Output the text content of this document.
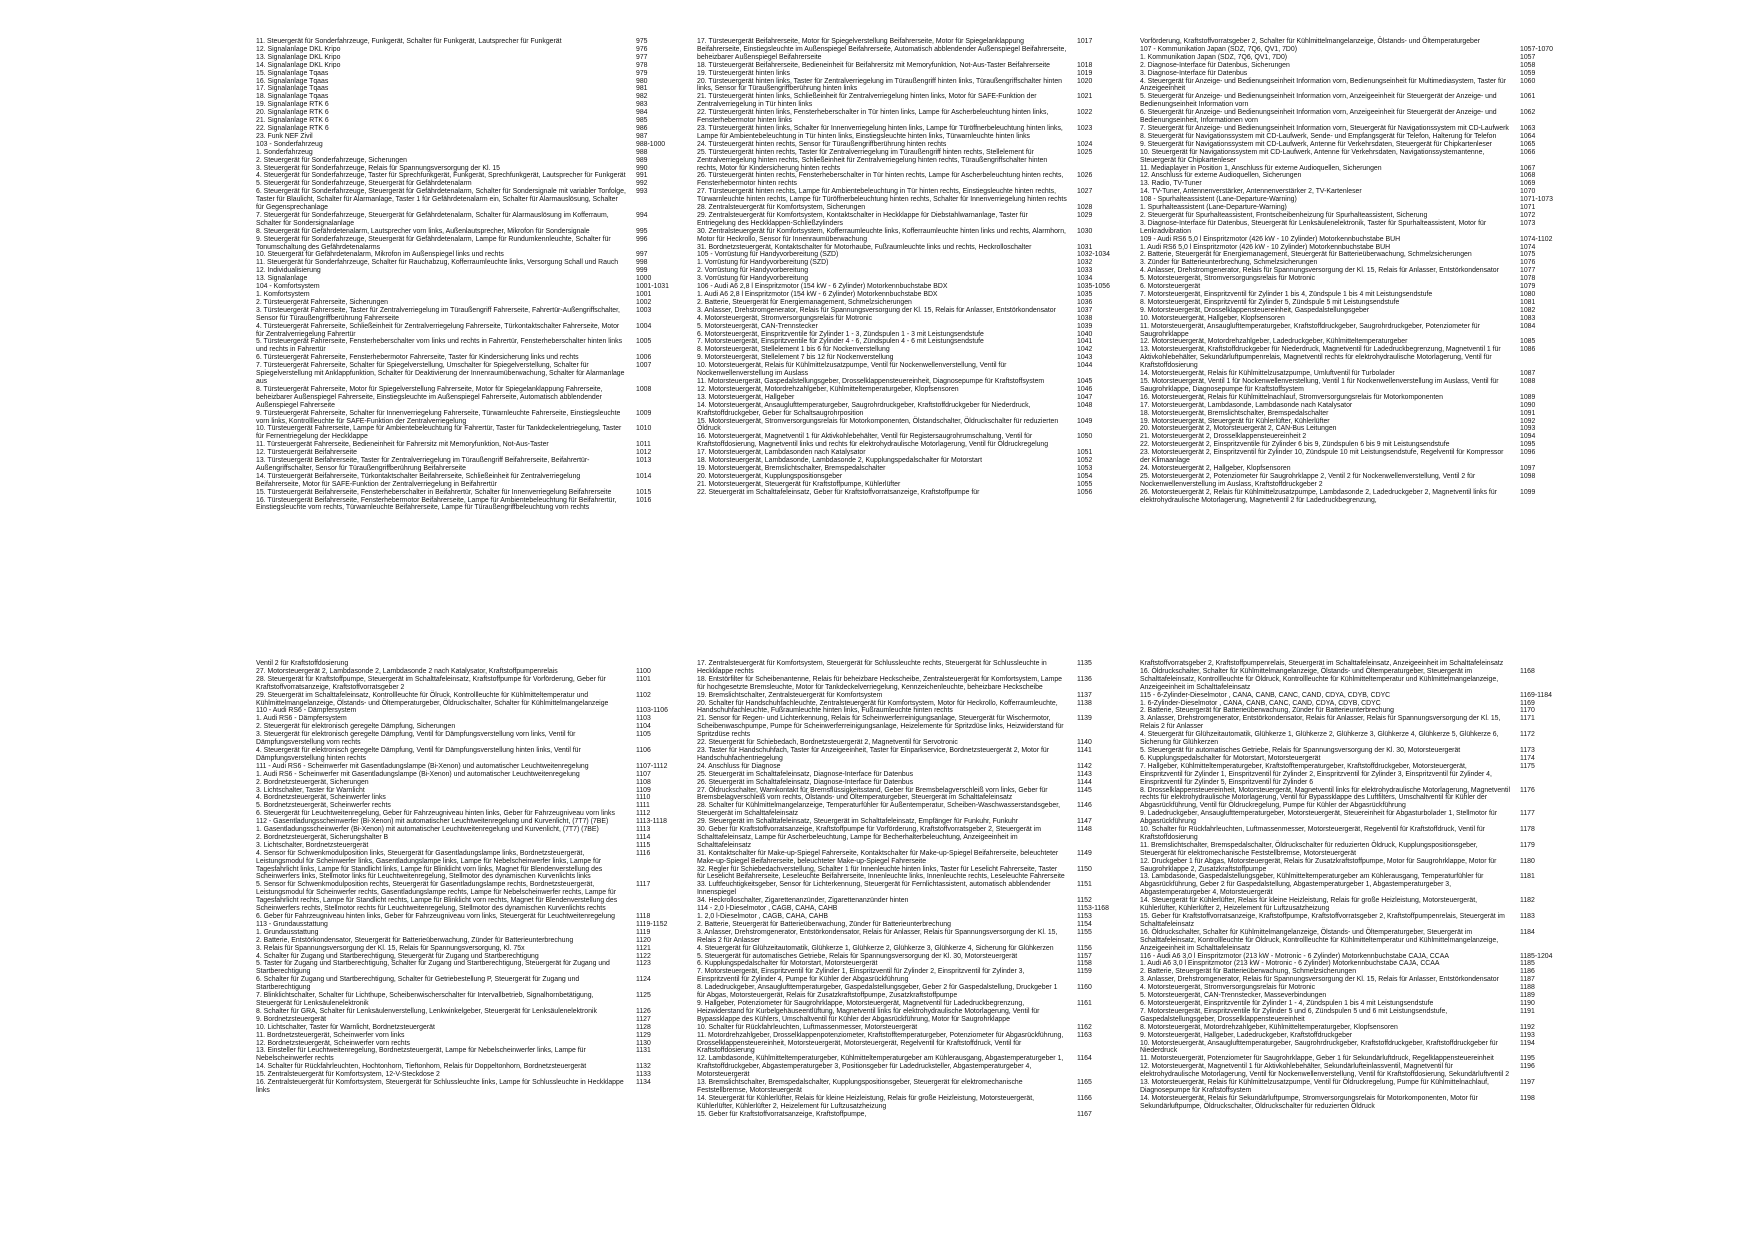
11. Steuergerät für Sonderfahrzeuge, Funkgerät, Schalter für Funkgerät, Lautsprecher für Funkgerät	975
12. Signalanlage DKL Kripo	976
13. Signalanlage DKL Kripo	977
14. Signalanlage DKL Kripo	978
15. Signalanlage Tqaas	979
16. Signalanlage Tqaas	980
17. Signalanlage Tqaas	981
18. Signalanlage Tqaas	982
19. Signalanlage RTK 6	983
20. Signalanlage RTK 6	984
21. Signalanlage RTK 6	985
22. Signalanlage RTK 6	986
23. Funk NEF Zivil	987
103 - Sonderfahrzeug	988-1000
1. Sonderfahrzeug	988
2. Steuergerät für Sonderfahrzeuge, Sicherungen	989
3. Steuergerät für Sonderfahrzeuge, Relais für Spannungsversorgung der Kl. 15	990
4. Steuergerät für Sonderfahrzeuge, Taster für Sprechfunkgerät, Funkgerät, Sprechfunkgerät, Lautsprecher für Funkgerät	991
5. Steuergerät für Sonderfahrzeuge, Steuergerät für Gefährdetenalarm	992
6. Steuergerät für Sonderfahrzeuge, Steuergerät für Gefährdetenalarm, Schalter für Sondersignale mit variabler Tonfolge, Taster für Blaulicht, Schalter für Alarmanlage, Taster 1 für Gefährdetenalarm ein, Schalter für Alarmauslösung, Schalter für Gegensprechanlage
993
7. Steuergerät für Sonderfahrzeuge, Steuergerät für Gefährdetenalarm, Schalter für Alarmauslösung im Kofferraum, Schalter für Sondersignalanlage
994
8. Steuergerät für Gefährdetenalarm, Lautsprecher vorn links, Außenlautsprecher, Mikrofon für Sondersignale	995
9. Steuergerät für Sonderfahrzeuge, Steuergerät für Gefährdetenalarm, Lampe für Rundumkennleuchte, Schalter für Tonumschaltung des Gefährdetenalarms
996
10. Steuergerät für Gefährdetenalarm, Mikrofon im Außenspiegel links und rechts	997
11. Steuergerät für Sonderfahrzeuge, Schalter für Rauchabzug, Kofferraumleuchte links, Versorgung Schall und Rauch	998
12. Individualisierung	999
13. Signalanlage	1000
104 - Komfortsystem	1001-1031
1. Komfortsystem	1001
2. Türsteuergerät Fahrerseite, Sicherungen	1002
3. Türsteuergerät Fahrerseite, Taster für Zentralverriegelung im Türaußengriff Fahrerseite, Fahrertür-Außengriffschalter, Sensor für Türaußengriffberührung Fahrerseite
1003
4. Türsteuergerät Fahrerseite, Schließeinheit für Zentralverriegelung Fahrerseite, Türkontaktschalter Fahrerseite, Motor für Zentralverriegelung Fahrertür
1004
5. Türsteuergerät Fahrerseite, Fensterheberschalter vorn links und rechts in Fahrertür, Fensterheberschalter hinten links und rechts in Fahrertür
1005
6. Türsteuergerät Fahrerseite, Fensterhebermotor Fahrerseite, Taster für Kindersicherung links und rechts	1006
7. Türsteuergerät Fahrerseite, Schalter für Spiegelverstellung, Umschalter für Spiegelverstellung, Schalter für Spiegelverstellung mit Anklappfunktion, Schalter für Deaktivierung der Innenraumüberwachung, Schalter für Alarmanlage aus
1007
8. Türsteuergerät Fahrerseite, Motor für Spiegelverstellung Fahrerseite, Motor für Spiegelanklappung Fahrerseite, beheizbarer Außenspiegel Fahrerseite, Einstiegsleuchte im Außenspiegel Fahrerseite, Automatisch abblendender Außenspiegel Fahrerseite
1008
9. Türsteuergerät Fahrerseite, Schalter für Innenverriegelung Fahrerseite, Türwarnleuchte Fahrerseite, Einstiegsleuchte vorn links, Kontrollleuchte für SAFE-Funktion der Zentralverriegelung
1009
10. Türsteuergerät Fahrerseite, Lampe für Ambientebeleuchtung für Fahrertür, Taster für Tankdeckelentriegelung, Taster für Fernentriegelung der Heckklappe
1010
11. Türsteuergerät Fahrerseite, Bedieneinheit für Fahrersitz mit Memoryfunktion, Not-Aus-Taster	1011
12. Türsteuergerät Beifahrerseite	1012
13. Türsteuergerät Beifahrerseite, Taster für Zentralverriegelung im Türaußengriff Beifahrerseite, Beifahrertür-Außengriffschalter, Sensor für Türaußengriffberührung Beifahrerseite
1013
14. Türsteuergerät Beifahrerseite, Türkontaktschalter Beifahrerseite, Schließeinheit für Zentralverriegelung Beifahrerseite, Motor für SAFE-Funktion der Zentralverriegelung in Beifahrertür
1014
15. Türsteuergerät Beifahrerseite, Fensterheberschalter in Beifahrertür, Schalter für Innenverriegelung Beifahrerseite	1015
16. Türsteuergerät Beifahrerseite, Fensterhebermotor Beifahrerseite, Lampe für Ambientebeleuchtung für Beifahrertür, Einstiegsleuchte vorn rechts, Türwarnleuchte Beifahrerseite, Lampe für Türaußengriffbeleuchtung vorn rechts
1016
17. Türsteuergerät Beifahrerseite, Motor für Spiegelverstellung Beifahrerseite, Motor für Spiegelanklappung Beifahrerseite, Einstiegsleuchte im Außenspiegel Beifahrerseite, Automatisch abblendender Außenspiegel Beifahrerseite, beheizbarer Außenspiegel Beifahrerseite
1017
18. Türsteuergerät Beifahrerseite, Bedieneinheit für Beifahrersitz mit Memoryfunktion, Not-Aus-Taster Beifahrerseite	1018
19. Türsteuergerät hinten links	1019
20. Türsteuergerät hinten links, Taster für Zentralverriegelung im Türaußengriff hinten links, Türaußengriffschalter hinten links, Sensor für Türaußengriffberührung hinten links
1020
21. Türsteuergerät hinten links, Schließeinheit für Zentralverriegelung hinten links, Motor für SAFE-Funktion der Zentralverriegelung in Tür hinten links
1021
22. Türsteuergerät hinten links, Fensterheberschalter in Tür hinten links, Lampe für Ascherbeleuchtung hinten links, Fensterhebermotor hinten links
1022
23. Türsteuergerät hinten links, Schalter für Innenverriegelung hinten links, Lampe für Türöffnerbeleuchtung hinten links, Lampe für Ambientebeleuchtung in Tür hinten links, Einstiegsleuchte hinten links, Türwarnleuchte hinten links
1023
24. Türsteuergerät hinten rechts, Sensor für Türaußengriffberührung hinten rechts	1024
25. Türsteuergerät hinten rechts, Taster für Zentralverriegelung im Türaußengriff hinten rechts, Stellelement für Zentralverriegelung hinten rechts, Schließeinheit für Zentralverriegelung hinten rechts, Türaußengriffschalter hinten rechts, Motor für Kindersicherung hinten rechts
1025
26. Türsteuergerät hinten rechts, Fensterheberschalter in Tür hinten rechts, Lampe für Ascherbeleuchtung hinten rechts, Fensterhebermotor hinten rechts
1026
27. Türsteuergerät hinten rechts, Lampe für Ambientebeleuchtung in Tür hinten rechts, Einstiegsleuchte hinten rechts, Türwarnleuchte hinten rechts, Lampe für Türöffnerbeleuchtung hinten rechts, Schalter für Innenverriegelung hinten rechts
1027
28. Zentralsteuergerät für Komfortsystem, Sicherungen	1028
29. Zentralsteuergerät für Komfortsystem, Kontaktschalter in Heckklappe für Diebstahlwarnanlage, Taster für Entriegelung des Heckklappen-Schließzylinders
1029
30. Zentralsteuergerät für Komfortsystem, Kofferraumleuchte links, Kofferraumleuchte hinten links und rechts, Alarmhorn, Motor für Heckrollo, Sensor für Innenraumüberwachung
1030
31. Bordnetzsteuergerät, Kontaktschalter für Motorhaube, Fußraumleuchte links und rechts, Heckrolloschalter	1031
105 - Vorrüstung für Handyvorbereitung (SZD)	1032-1034
1. Vorrüstung für Handyvorbereitung (SZD)	1032
2. Vorrüstung für Handyvorbereitung	1033
3. Vorrüstung für Handyvorbereitung	1034
106 - Audi A6 2,8 l Einspritzmotor (154 kW - 6 Zylinder) Motorkennbuchstabe BDX	1035-1056
1. Audi A6 2,8 l Einspritzmotor (154 kW - 6 Zylinder) Motorkennbuchstabe BDX	1035
2. Batterie, Steuergerät für Energiemanagement, Schmelzsicherungen	1036
3. Anlasser, Drehstromgenerator, Relais für Spannungsversorgung der Kl. 15, Relais für Anlasser, Entstörkondensator	1037
4. Motorsteuergerät, Stromversorgungsrelais für Motronic	1038
5. Motorsteuergerät, CAN-Trennstecker	1039
6. Motorsteuergerät, Einspritzventile für Zylinder 1 - 3, Zündspulen 1 - 3 mit Leistungsendstufe	1040
7. Motorsteuergerät, Einspritzventile für Zylinder 4 - 6, Zündspulen 4 - 6 mit Leistungsendstufe	1041
8. Motorsteuergerät, Stellelement 1 bis 6 für Nockenverstellung	1042
9. Motorsteuergerät, Stellelement 7 bis 12 für Nockenverstellung	1043
10. Motorsteuergerät, Relais für Kühlmittelzusatzpumpe, Ventil für Nockenwellenverstellung, Ventil für Nockenwellenverstellung im Auslass
1044
11. Motorsteuergerät, Gaspedalstellungsgeber, Drosselklappensteuereinheit, Diagnosepumpe für Kraftstoffsystem	1045
12. Motorsteuergerät, Motordrehzahlgeber, Kühlmitteltemperaturgeber, Klopfsensoren	1046
13. Motorsteuergerät, Hallgeber	1047
14. Motorsteuergerät, Ansauglufttemperaturgeber, Saugrohrdruckgeber, Kraftstoffdruckgeber für Niederdruck, Kraftstoffdruckgeber, Geber für Schaltsaugrohrposition
1048
15. Motorsteuergerät, Stromversorgungsrelais für Motorkomponenten, Ölstandschalter, Öldruckschalter für reduzierten Öldruck
1049
16. Motorsteuergerät, Magnetventil 1 für Aktivkohlebehälter, Ventil für Registersaugrohrumschaltung, Ventil für Kraftstoffdosierung, Magnetventil links und rechts für elektrohydraulische Motorlagerung, Ventil für Öldruckregelung
1050
17. Motorsteuergerät, Lambdasonden nach Katalysator	1051
18. Motorsteuergerät, Lambdasonde, Lambdasonde 2, Kupplungspedalschalter für Motorstart	1052
19. Motorsteuergerät, Bremslichtschalter, Bremspedalschalter	1053
20. Motorsteuergerät, Kupplungspositionsgeber	1054
21. Motorsteuergerät, Steuergerät für Kraftstoffpumpe, Kühlerlüfter	1055
22. Steuergerät im Schalttafeleinsatz, Geber für Kraftstoffvorratsanzeige, Kraftstoffpumpe für	1056
Vorförderung, Kraftstoffvorratsgeber 2, Schalter für Kühlmittelmangelanzeige, Ölstands- und Öltemperaturgeber
107 - Kommunikation Japan (SDZ, 7Q6, QV1, 7D0)	1057-1070
1. Kommunikation Japan (SDZ, 7Q6, QV1, 7D0)	1057
2. Diagnose-Interface für Datenbus, Sicherungen	1058
3. Diagnose-Interface für Datenbus	1059
4. Steuergerät für Anzeige- und Bedienungseinheit Information vorn, Bedienungseinheit für Multimediasystem, Taster für Anzeigeeinheit
1060
5. Steuergerät für Anzeige- und Bedienungseinheit Information vorn, Anzeigeeinheit für Steuergerät der Anzeige- und Bedienungseinheit Information vorn
1061
6. Steuergerät für Anzeige- und Bedienungseinheit Information vorn, Anzeigeeinheit für Steuergerät der Anzeige- und Bedienungseinheit, Informationen vorn
1062
7. Steuergerät für Anzeige- und Bedienungseinheit Information vorn, Steuergerät für Navigationssystem mit CD-Laufwerk	1063
8. Steuergerät für Navigationssystem mit CD-Laufwerk, Sende- und Empfangsgerät für Telefon, Halterung für Telefon	1064
9. Steuergerät für Navigationssystem mit CD-Laufwerk, Antenne für Verkehrsdaten, Steuergerät für Chipkartenleser	1065
10. Steuergerät für Navigationssystem mit CD-Laufwerk, Antenne für Verkehrsdaten, Navigationssystemantenne, Steuergerät für Chipkartenleser
1066
11. Mediaplayer in Position 1, Anschluss für externe Audioquellen, Sicherungen	1067
12. Anschluss für externe Audioquellen, Sicherungen	1068
13. Radio, TV-Tuner	1069
14. TV-Tuner, Antennenverstärker, Antennenverstärker 2, TV-Kartenleser	1070
108 - Spurhalteassistent (Lane-Departure-Warning)	1071-1073
1. Spurhalteassistent (Lane-Departure-Warning)	1071
2. Steuergerät für Spurhalteassistent, Frontscheibenheizung für Spurhalteassistent, Sicherung	1072
3. Diagnose-Interface für Datenbus, Steuergerät für Lenksäulenelektronik, Taster für Spurhalteassistent, Motor für Lenkradvibration
1073
109 - Audi RS6 5,0 l Einspritzmotor (426 kW - 10 Zylinder) Motorkennbuchstabe BUH	1074-1102
1. Audi RS6 5,0 l Einspritzmotor (426 kW - 10 Zylinder) Motorkennbuchstabe BUH	1074
2. Batterie, Steuergerät für Energiemanagement, Steuergerät für Batterieüberwachung, Schmelzsicherungen	1075
3. Zünder für Batterieunterbrechung, Schmelzsicherungen	1076
4. Anlasser, Drehstromgenerator, Relais für Spannungsversorgung der Kl. 15, Relais für Anlasser, Entstörkondensator	1077
5. Motorsteuergerät, Stromversorgungsrelais für Motronic	1078
6. Motorsteuergerät	1079
7. Motorsteuergerät, Einspritzventil für Zylinder 1 bis 4, Zündspule 1 bis 4 mit Leistungsendstufe	1080
8. Motorsteuergerät, Einspritzventil für Zylinder 5, Zündspule 5 mit Leistungsendstufe	1081
9. Motorsteuergerät, Drosselklappensteuereinheit, Gaspedalstellungsgeber	1082
10. Motorsteuergerät, Hallgeber, Klopfsensoren	1083
11. Motorsteuergerät, Ansauglufttemperaturgeber, Kraftstoffdruckgeber, Saugrohrdruckgeber, Potenziometer für Saugrohrklappe
1084
12. Motorsteuergerät, Motordrehzahlgeber, Ladedruckgeber, Kühlmitteltemperaturgeber	1085
13. Motorsteuergerät, Kraftstoffdruckgeber für Niederdruck, Magnetventil für Ladedruckbegrenzung, Magnetventil 1 für Aktivkohlebehälter, Sekundärluftpumpenrelais, Magnetventil rechts für elektrohydraulische Motorlagerung, Ventil für Kraftstoffdosierung
1086
14. Motorsteuergerät, Relais für Kühlmittelzusatzpumpe, Umluftventil für Turbolader	1087
15. Motorsteuergerät, Ventil 1 für Nockenwellenverstellung, Ventil 1 für Nockenwellenverstellung im Auslass, Ventil für Saugrohrklappe, Diagnosepumpe für Kraftstoffsystem
1088
16. Motorsteuergerät, Relais für Kühlmittelnachlauf, Stromversorgungsrelais für Motorkomponenten	1089
17. Motorsteuergerät, Lambdasonde, Lambdasonde nach Katalysator	1090
18. Motorsteuergerät, Bremslichtschalter, Bremspedalschalter	1091
19. Motorsteuergerät, Steuergerät für Kühlerlüfter, Kühlerlüfter	1092
20. Motorsteuergerät 2, Motorsteuergerät 2, CAN-Bus Leitungen	1093
21. Motorsteuergerät 2, Drosselklappensteuereinheit 2	1094
22. Motorsteuergerät 2, Einspritzventile für Zylinder 6 bis 9, Zündspulen 6 bis 9 mit Leistungsendstufe	1095
23. Motorsteuergerät 2, Einspritzventil für Zylinder 10, Zündspule 10 mit Leistungsendstufe, Regelventil für Kompressor der Klimaanlage
1096
24. Motorsteuergerät 2, Hallgeber, Klopfsensoren	1097
25. Motorsteuergerät 2, Potenziometer für Saugrohrklappe 2, Ventil 2 für Nockenwellenverstellung, Ventil 2 für Nockenwellenverstellung im Auslass, Kraftstoffdruckgeber 2
1098
26. Motorsteuergerät 2, Relais für Kühlmittelzusatzpumpe, Lambdasonde 2, Ladedruckgeber 2, Magnetventil links für elektrohydraulische Motorlagerung, Magnetventil 2 für Ladedruckbegrenzung,
1099
Ventil 2 für Kraftstoffdosierung
27. Motorsteuergerät 2, Lambdasonde 2, Lambdasonde 2 nach Katalysator, Kraftstoffpumpenrelais	1100
28. Steuergerät für Kraftstoffpumpe, Steuergerät im Schalttafeleinsatz, Kraftstoffpumpe für Vorförderung, Geber für Kraftstoffvorratsanzeige, Kraftstoffvorratsgeber 2
1101
29. Steuergerät im Schalttafeleinsatz, Kontrollleuchte für Ölruck, Kontrollleuchte für Kühlmitteltemperatur und Kühlmittelmangelanzeige, Ölstands- und Öltemperaturgeber, Öldruckschalter, Schalter für Kühlmittelmangelanzeige
1102
110 - Audi RS6 - Dämpfersystem	1103-1106
1. Audi RS6 - Dämpfersystem	1103
2. Steuergerät für elektronisch geregelte Dämpfung, Sicherungen	1104
3. Steuergerät für elektronisch geregelte Dämpfung, Ventil für Dämpfungsverstellung vorn links, Ventil für Dämpfungsverstellung vorn rechts
1105
4. Steuergerät für elektronisch geregelte Dämpfung, Ventil für Dämpfungsverstellung hinten links, Ventil für Dämpfungsverstellung hinten rechts
1106
111 - Audi RS6 - Scheinwerfer mit Gasentladungslampe (Bi-Xenon) und automatischer Leuchtweitenregelung	1107-1112
1. Audi RS6 - Scheinwerfer mit Gasentladungslampe (Bi-Xenon) und automatischer Leuchtweitenregelung	1107
2. Bordnetzsteuergerät, Sicherungen	1108
3. Lichtschalter, Taster für Warnlicht	1109
4. Bordnetzsteuergerät, Scheinwerfer links	1110
5. Bordnetzsteuergerät, Scheinwerfer rechts	1111
6. Steuergerät für Leuchtweitenregelung, Geber für Fahrzeugniveau hinten links, Geber für Fahrzeugniveau vorn links	1112
112 - Gasentladungsscheinwerfer (Bi-Xenon) mit automatischer Leuchtweitenregelung und Kurvenlicht, (7T7) (7BE)	1113-1118
1. Gasentladungsscheinwerfer (Bi-Xenon) mit automatischer Leuchtweitenregelung und Kurvenlicht, (7T7) (7BE)	1113
2. Bordnetzsteuergerät, Sicherungshalter B	1114
3. Lichtschalter, Bordnetzsteuergerät	1115
4. Sensor für Schwenkmodulposition links, Steuergerät für Gasentladungslampe links, Bordnetzsteuergerät, Leistungsmodul für Scheinwerfer links, Gasentladungslampe links, Lampe für Nebelscheinwerfer links, Lampe für Tagesfahrlicht links, Lampe für Standlicht links, Lampe für Blinklicht vorn links, Magnet für Blendenverstellung des Scheinwerfers links, Stellmotor links für Leuchtweitenregelung, Stellmotor des dynamischen Kurvenlichts links
1116
5. Sensor für Schwenkmodulposition rechts, Steuergerät für Gasentladungslampe rechts, Bordnetzsteuergerät, Leistungsmodul für Scheinwerfer rechts, Gasentladungslampe rechts, Lampe für Nebelscheinwerfer rechts, Lampe für Tagesfahrlicht rechts, Lampe für Standlicht rechts, Lampe für Blinklicht vorn rechts, Magnet für Blendenverstellung des Scheinwerfers rechts, Stellmotor rechts für Leuchtweitenregelung, Stellmotor des dynamischen Kurvenlichts rechts
1117
6. Geber für Fahrzeugniveau hinten links, Geber für Fahrzeugniveau vorn links, Steuergerät für Leuchtweitenregelung	1118
113 - Grundausstattung	1119-1152
1. Grundausstattung	1119
2. Batterie, Entstörkondensator, Steuergerät für Batterieüberwachung, Zünder für Batterieunterbrechung	1120
3. Relais für Spannungsversorgung der Kl. 15, Relais für Spannungsversorgung, Kl. 75x	1121
4. Schalter für Zugang und Startberechtigung, Steuergerät für Zugang und Startberechtigung	1122
5. Taster für Zugang und Startberechtigung, Schalter für Zugang und Startberechtigung, Steuergerät für Zugang und Startberechtigung
1123
6. Schalter für Zugang und Startberechtigung, Schalter für Getriebestellung P, Steuergerät für Zugang und Startberechtigung
1124
7. Blinklichtschalter, Schalter für Lichthupe, Scheibenwischerschalter für Intervallbetrieb, Signalhornbetätigung, Steuergerät für Lenksäulenelektronik
1125
8. Schalter für GRA, Schalter für Lenksäulenverstellung, Lenkwinkelgeber, Steuergerät für Lenksäulenelektronik	1126
9. Bordnetzsteuergerät	1127
10. Lichtschalter, Taster für Warnlicht, Bordnetzsteuergerät	1128
11. Bordnetzsteuergerät, Scheinwerfer vorn links	1129
12. Bordnetzsteuergerät, Scheinwerfer vorn rechts	1130
13. Einsteller für Leuchtweitenregelung, Bordnetzsteuergerät, Lampe für Nebelscheinwerfer links, Lampe für Nebelscheinwerfer rechts
1131
14. Schalter für Rückfahrleuchten, Hochtonhorn, Tieftonhorn, Relais für Doppeltonhorn, Bordnetzsteuergerät	1132
15. Zentralsteuergerät für Komfortsystem, 12-V-Steckdose 2	1133
16. Zentralsteuergerät für Komfortsystem, Steuergerät für Schlussleuchte links, Lampe für Schlussleuchte in Heckklappe links
1134
17. Zentralsteuergerät für Komfortsystem, Steuergerät für Schlussleuchte rechts, Steuergerät für Schlussleuchte in Heckklappe rechts
1135
18. Entstörfilter für Scheibenantenne, Relais für beheizbare Heckscheibe, Zentralsteuergerät für Komfortsystem, Lampe für hochgesetzte Bremsleuchte, Motor für Tankdeckelverriegelung, Kennzeichenleuchte, beheizbare Heckscheibe
1136
19. Bremslichtschalter, Zentralsteuergerät für Komfortsystem	1137
20. Schalter für Handschuhfachleuchte, Zentralsteuergerät für Komfortsystem, Motor für Heckrollo, Kofferraumleuchte, Handschuhfachleuchte, Fußraumleuchte hinten links, Fußraumleuchte hinten rechts
1138
21. Sensor für Regen- und Lichterkennung, Relais für Scheinwerferreinigungsanlage, Steuergerät für Wischermotor, Scheibenwaschpumpe, Pumpe für Scheinwerferreinigungsanlage, Heizelemente für Spritzdüse links, Heizwiderstand für Spritzdüse rechts
1139
22. Steuergerät für Schiebedach, Bordnetzsteuergerät 2, Magnetventil für Servotronic	1140
23. Taster für Handschuhfach, Taster für Anzeigeeinheit, Taster für Einparkservice, Bordnetzsteuergerät 2, Motor für Handschuhfachentriegelung
1141
24. Anschluss für Diagnose	1142
25. Steuergerät im Schalttafeleinsatz, Diagnose-Interface für Datenbus	1143
26. Steuergerät im Schalttafeleinsatz, Diagnose-Interface für Datenbus	1144
27. Öldruckschalter, Warnkontakt für Bremsflüssigkeitsstand, Geber für Bremsbelagverschleiß vorn links, Geber für Bremsbelagverschleiß vorn rechts, Ölstands- und Öltemperaturgeber, Steuergerät im Schalttafeleinsatz
1145
28. Schalter für Kühlmittelmangelanzeige, Temperaturfühler für Außentemperatur, Scheiben-Waschwasserstandsgeber, Steuergerät im Schalttafeleinsatz
1146
29. Steuergerät im Schalttafeleinsatz, Steuergerät im Schalttafeleinsatz, Empfänger für Funkuhr, Funkuhr	1147
30. Geber für Kraftstoffvorratsanzeige, Kraftstoffpumpe für Vorförderung, Kraftstoffvorratsgeber 2, Steuergerät im Schalttafeleinsatz, Lampe für Ascherbeleuchtung, Lampe für Becherhalterbeleuchtung, Anzeigeeinheit im Schalttafeleinsatz
1148
31. Kontaktschalter für Make-up-Spiegel Fahrerseite, Kontaktschalter für Make-up-Spiegel Beifahrerseite, beleuchteter Make-up-Spiegel Beifahrerseite, beleuchteter Make-up-Spiegel Fahrerseite
1149
32. Regler für Schiebedachverstellung, Schalter 1 für Innenleuchte hinten links, Taster für Leselicht Fahrerseite, Taster für Leselicht Beifahrerseite, Leseleuchte Beifahrerseite, Innenleuchte links, Innenleuchte rechts, Leseleuchte Fahrerseite
1150
33. Luftfeuchtigkeitsgeber, Sensor für Lichterkennung, Steuergerät für Fernlichtassistent, automatisch abblendender Innenspiegel
1151
34. Heckrolloschalter, Zigarettenanzünder, Zigarettenanzünder hinten	1152
114 - 2,0 l-Dieselmotor , CAGB, CAHA, CAHB	1153-1168
1. 2,0 l-Dieselmotor , CAGB, CAHA, CAHB	1153
2. Batterie, Steuergerät für Batterieüberwachung, Zünder für Batterieunterbrechung	1154
3. Anlasser, Drehstromgenerator, Entstörkondensator, Relais für Anlasser, Relais für Spannungsversorgung der Kl. 15, Relais 2 für Anlasser
1155
4. Steuergerät für Glühzeitautomatik, Glühkerze 1, Glühkerze 2, Glühkerze 3, Glühkerze 4, Sicherung für Glühkerzen	1156
5. Steuergerät für automatisches Getriebe, Relais für Spannungsversorgung der Kl. 30, Motorsteuergerät	1157
6. Kupplungspedalschalter für Motorstart, Motorsteuergerät	1158
7. Motorsteuergerät, Einspritzventil für Zylinder 1, Einspritzventil für Zylinder 2, Einspritzventil für Zylinder 3, Einspritzventil für Zylinder 4, Pumpe für Kühler der Abgasrückführung
1159
8. Ladedruckgeber, Ansauglufttemperaturgeber, Gaspedalstellungsgeber, Geber 2 für Gaspedalstellung, Druckgeber 1 für Abgas, Motorsteuergerät, Relais für Zusatzkraftstoffpumpe, Zusatzkraftstoffpumpe
1160
9. Hallgeber, Potenziometer für Saugrohrklappe, Motorsteuergerät, Magnetventil für Ladedruckbegrenzung, Heizwiderstand für Kurbelgehäuseentlüftung, Magnetventil links für elektrohydraulische Motorlagerung, Ventil für Bypassklappe des Kühlers, Umschaltventil für Kühler der Abgasrückführung, Motor für Saugrohrklappe
1161
10. Schalter für Rückfahrleuchten, Luftmassenmesser, Motorsteuergerät	1162
11. Motordrehzahlgeber, Drosselklappenpotenziometer, Kraftstofftemperaturgeber, Potenziometer für Abgasrückführung, Drosselklappensteuereinheit, Motorsteuergerät, Motorsteuergerät, Regelventil für Kraftstoffdruck, Ventil für Kraftstoffdosierung
1163
12. Lambdasonde, Kühlmitteltemperaturgeber, Kühlmitteltemperaturgeber am Kühlerausgang, Abgastemperaturgeber 1, Kraftstoffdruckgeber, Abgastemperaturgeber 3, Positionsgeber für Ladedrucksteller, Abgastemperaturgeber 4, Motorsteuergerät
1164
13. Bremslichtschalter, Bremspedalschalter, Kupplungspositionsgeber, Steuergerät für elektromechanische Feststellbremse, Motorsteuergerät
1165
14. Steuergerät für Kühlerlüfter, Relais für kleine Heizleistung, Relais für große Heizleistung, Motorsteuergerät, Kühlerlüfter, Kühlerlüfter 2, Heizelement für Luftzusatzheizung
1166
15. Geber für Kraftstoffvorratsanzeige, Kraftstoffpumpe,	1167
Kraftstoffvorratsgeber 2, Kraftstoffpumpenrelais, Steuergerät im Schalttafeleinsatz, Anzeigeeinheit im Schalttafeleinsatz
16. Öldruckschalter, Schalter für Kühlmittelmangelanzeige, Ölstands- und Öltemperaturgeber, Steuergerät im Schalttafeleinsatz, Kontrollleuchte für Öldruck, Kontrollleuchte für Kühlmitteltemperatur und Kühlmittelmangelanzeige, Anzeigeeinheit im Schalttafeleinsatz
1168
115 - 6-Zylinder-Dieselmotor , CANA, CANB, CANC, CAND, CDYA, CDYB, CDYC	1169-1184
1. 6-Zylinder-Dieselmotor , CANA, CANB, CANC, CAND, CDYA, CDYB, CDYC	1169
2. Batterie, Steuergerät für Batterieüberwachung, Zünder für Batterieunterbrechung	1170
3. Anlasser, Drehstromgenerator, Entstörkondensator, Relais für Anlasser, Relais für Spannungsversorgung der Kl. 15, Relais 2 für Anlasser
1171
4. Steuergerät für Glühzeitautomatik, Glühkerze 1, Glühkerze 2, Glühkerze 3, Glühkerze 4, Glühkerze 5, Glühkerze 6, Sicherung für Glühkerzen
1172
5. Steuergerät für automatisches Getriebe, Relais für Spannungsversorgung der Kl. 30, Motorsteuergerät	1173
6. Kupplungspedalschalter für Motorstart, Motorsteuergerät	1174
7. Hallgeber, Kühlmitteltemperaturgeber, Kraftstofftemperaturgeber, Kraftstoffdruckgeber, Motorsteuergerät, Einspritzventil für Zylinder 1, Einspritzventil für Zylinder 2, Einspritzventil für Zylinder 3, Einspritzventil für Zylinder 4, Einspritzventil für Zylinder 5, Einspritzventil für Zylinder 6
1175
8. Drosselklappensteuereinheit, Motorsteuergerät, Magnetventil links für elektrohydraulische Motorlagerung, Magnetventil rechts für elektrohydraulische Motorlagerung, Ventil für Bypassklappe des Luftfilters, Umschaltventil für Kühler der Abgasrückführung, Ventil für Öldruckregelung, Pumpe für Kühler der Abgasrückführung
1176
9. Ladedruckgeber, Ansauglufttemperaturgeber, Motorsteuergerät, Steuereinheit für Abgasturbolader 1, Stellmotor für Abgasrückführung
1177
10. Schalter für Rückfahrleuchten, Luftmassenmesser, Motorsteuergerät, Regelventil für Kraftstoffdruck, Ventil für Kraftstoffdosierung
1178
11. Bremslichtschalter, Bremspedalschalter, Öldruckschalter für reduzierten Öldruck, Kupplungspositionsgeber, Steuergerät für elektromechanische Feststellbremse, Motorsteuergerät
1179
12. Druckgeber 1 für Abgas, Motorsteuergerät, Relais für Zusatzkraftstoffpumpe, Motor für Saugrohrklappe, Motor für Saugrohrklappe 2, Zusatzkraftstoffpumpe
1180
13. Lambdasonde, Gaspedalstellungsgeber, Kühlmitteltemperaturgeber am Kühlerausgang, Temperaturfühler für Abgasrückführung, Geber 2 für Gaspedalstellung, Abgastemperaturgeber 1, Abgastemperaturgeber 3, Abgastemperaturgeber 4, Motorsteuergerät
1181
14. Steuergerät für Kühlerlüfter, Relais für kleine Heizleistung, Relais für große Heizleistung, Motorsteuergerät, Kühlerlüfter, Kühlerlüfter 2, Heizelement für Luftzusatzheizung
1182
15. Geber für Kraftstoffvorratsanzeige, Kraftstoffpumpe, Kraftstoffvorratsgeber 2, Kraftstoffpumpenrelais, Steuergerät im Schalttafeleinsatz
1183
16. Öldruckschalter, Schalter für Kühlmittelmangelanzeige, Ölstands- und Öltemperaturgeber, Steuergerät im Schalttafeleinsatz, Kontrollleuchte für Öldruck, Kontrollleuchte für Kühlmitteltemperatur und Kühlmittelmangelanzeige, Anzeigeeinheit im Schalttafeleinsatz
1184
116 - Audi A6 3,0 l Einspritzmotor (213 kW - Motronic - 6 Zylinder) Motorkennbuchstabe CAJA, CCAA	1185-1204
1. Audi A6 3,0 l Einspritzmotor (213 kW - Motronic - 6 Zylinder) Motorkennbuchstabe CAJA, CCAA	1185
2. Batterie, Steuergerät für Batterieüberwachung, Schmelzsicherungen	1186
3. Anlasser, Drehstromgenerator, Relais für Spannungsversorgung der Kl. 15, Relais für Anlasser, Entstörkondensator	1187
4. Motorsteuergerät, Stromversorgungsrelais für Motronic	1188
5. Motorsteuergerät, CAN-Trennstecker, Masseverbindungen	1189
6. Motorsteuergerät, Einspritzventile für Zylinder 1 - 4, Zündspulen 1 bis 4 mit Leistungsendstufe	1190
7. Motorsteuergerät, Einspritzventile für Zylinder 5 und 6, Zündspulen 5 und 6 mit Leistungsendstufe, Gaspedalstellungsgeber, Drosselklappensteuereinheit
1191
8. Motorsteuergerät, Motordrehzahlgeber, Kühlmitteltemperaturgeber, Klopfsensoren	1192
9. Motorsteuergerät, Hallgeber, Ladedruckgeber, Kraftstoffdruckgeber	1193
10. Motorsteuergerät, Ansauglufttemperaturgeber, Saugrohrdruckgeber, Kraftstoffdruckgeber, Kraftstoffdruckgeber für Niederdruck
1194
11. Motorsteuergerät, Potenziometer für Saugrohrklappe, Geber 1 für Sekundärluftdruck, Regelklappensteuereinheit	1195
12. Motorsteuergerät, Magnetventil 1 für Aktivkohlebehälter, Sekundärlufteinlassventil, Magnetventil für elektrohydraulische Motorlagerung, Ventil für Nockenwellenverstellung, Ventil für Kraftstoffdosierung, Sekundärluftventil 2
1196
13. Motorsteuergerät, Relais für Kühlmittelzusatzpumpe, Ventil für Öldruckregelung, Pumpe für Kühlmittelnachlauf, Diagnosepumpe für Kraftstoffsystem
1197
14. Motorsteuergerät, Relais für Sekundärluftpumpe, Stromversorgungsrelais für Motorkomponenten, Motor für Sekundärluftpumpe, Öldruckschalter, Öldruckschalter für reduzierten Öldruck
1198
